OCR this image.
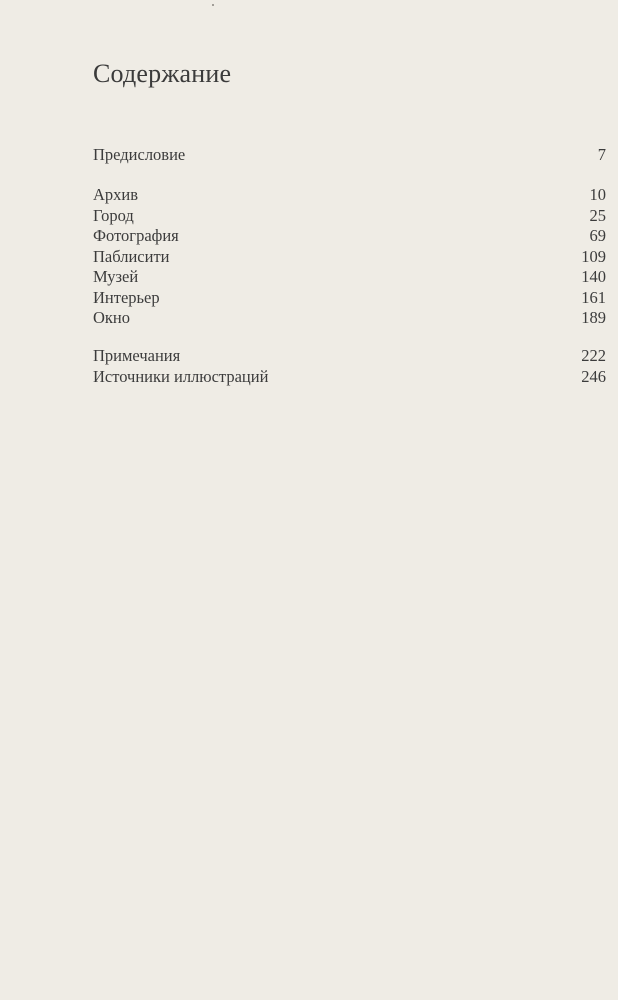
Содержание
Предисловие	7
Архив	10
Город	25
Фотография	69
Паблисити	109
Музей	140
Интерьер	161
Окно	189
Примечания	222
Источники иллюстраций	246
